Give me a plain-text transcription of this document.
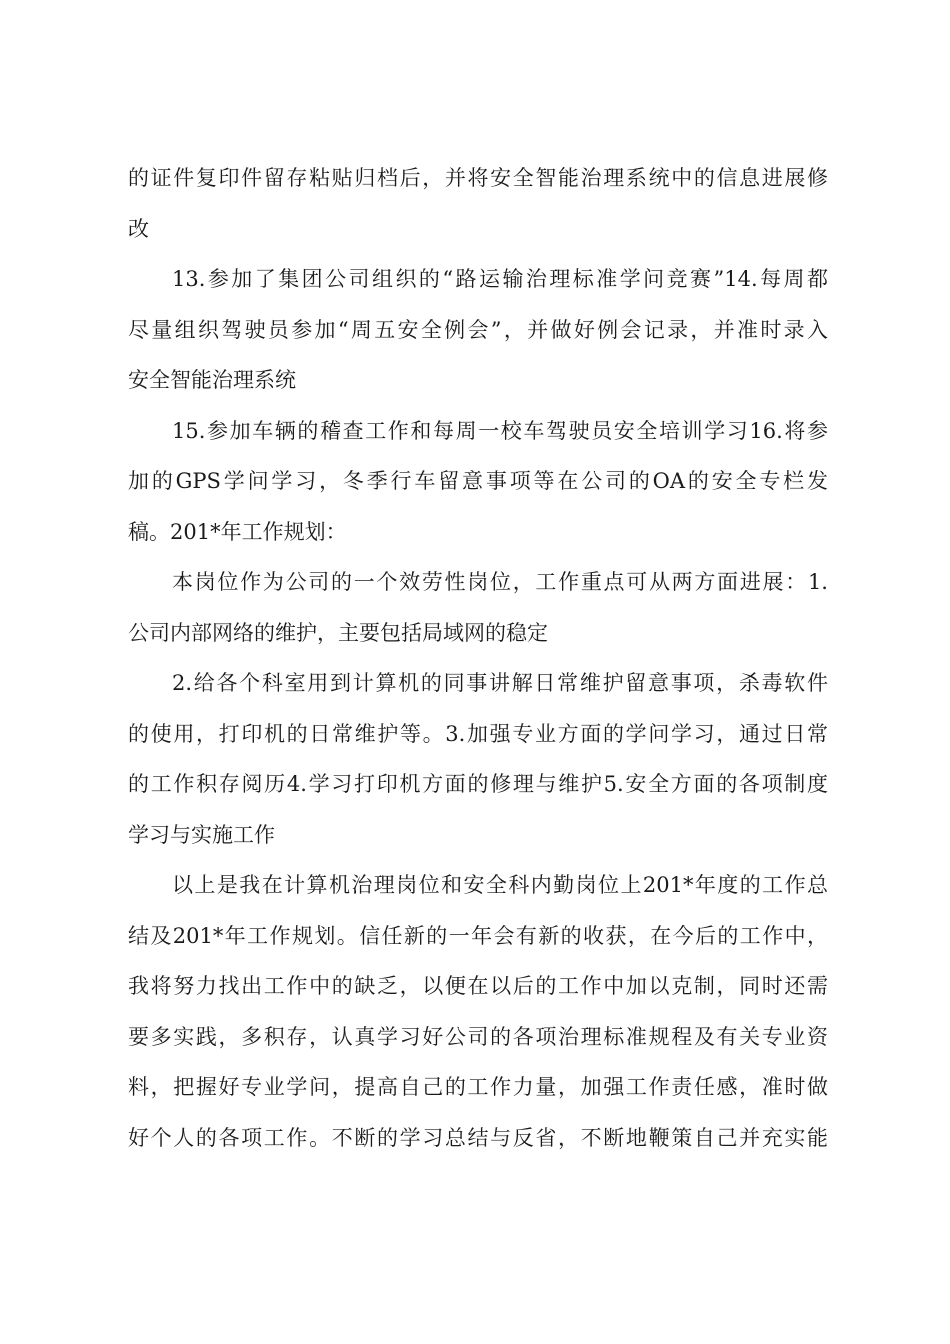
的证件复印件留存粘贴归档后，并将安全智能治理系统中的信息进展修
改
13.参加了集团公司组织的“路运输治理标准学问竞赛”14.每周都
尽量组织驾驶员参加“周五安全例会”，并做好例会记录，并准时录入
安全智能治理系统
15.参加车辆的稽查工作和每周一校车驾驶员安全培训学习16.将参
加的GPS学问学习，冬季行车留意事项等在公司的OA的安全专栏发
稿。201*年工作规划：
本岗位作为公司的一个效劳性岗位，工作重点可从两方面进展：1.
公司内部网络的维护，主要包括局域网的稳定
2.给各个科室用到计算机的同事讲解日常维护留意事项，杀毒软件
的使用，打印机的日常维护等。3.加强专业方面的学问学习，通过日常
的工作积存阅历4.学习打印机方面的修理与维护5.安全方面的各项制度
学习与实施工作
以上是我在计算机治理岗位和安全科内勤岗位上201*年度的工作总
结及201*年工作规划。信任新的一年会有新的收获，在今后的工作中，
我将努力找出工作中的缺乏，以便在以后的工作中加以克制，同时还需
要多实践，多积存，认真学习好公司的各项治理标准规程及有关专业资
料，把握好专业学问，提高自己的工作力量，加强工作责任感，准时做
好个人的各项工作。不断的学习总结与反省，不断地鞭策自己并充实能
